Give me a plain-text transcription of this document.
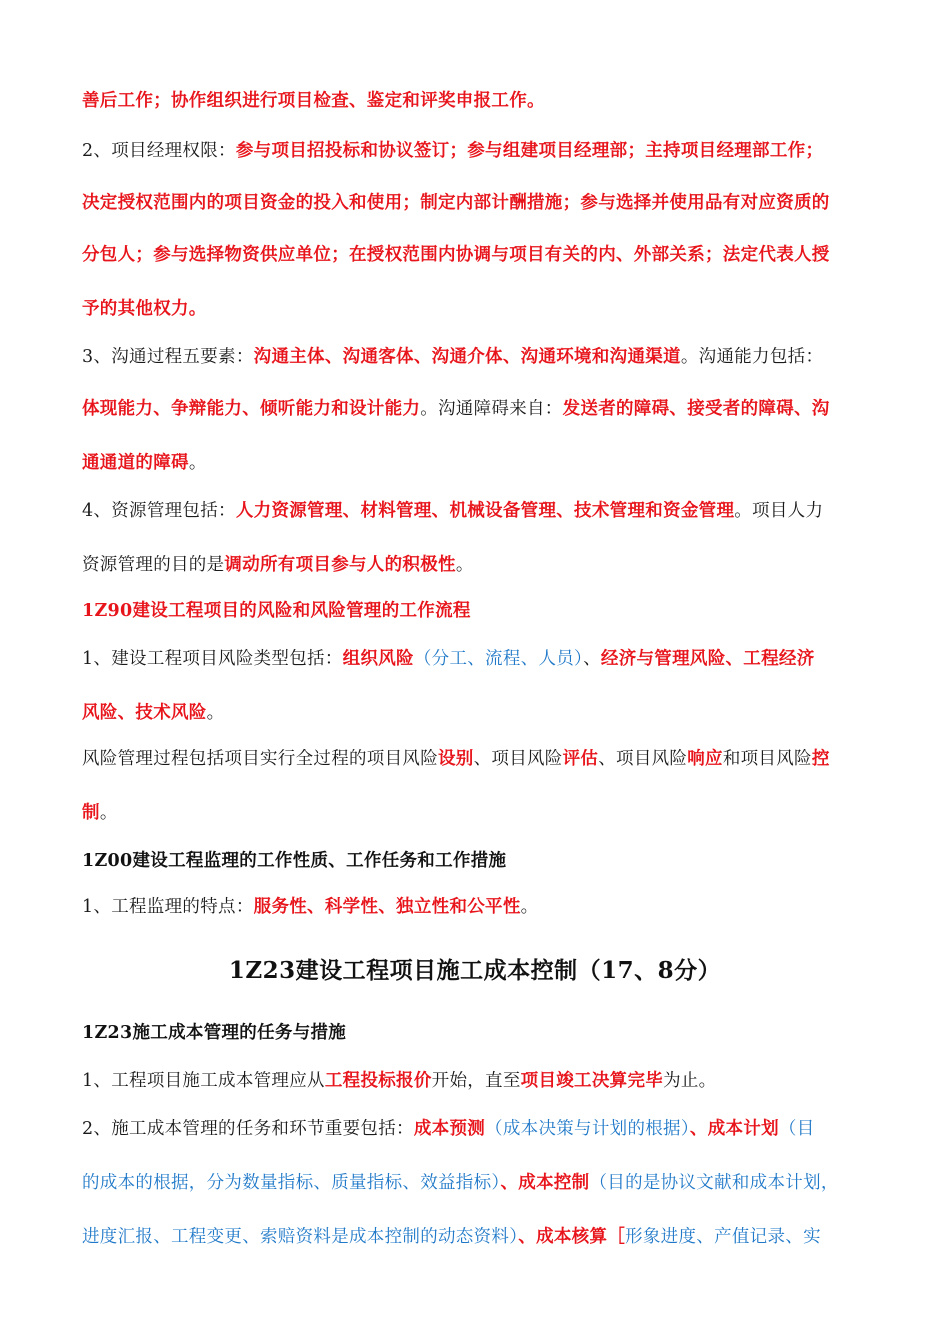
善后工作；协作组织进行项目检查、鉴定和评奖申报工作。
2、项目经理权限：参与项目招投标和协议签订；参与组建项目经理部；主持项目经理部工作；
决定授权范围内的项目资金的投入和使用；制定内部计酬措施；参与选择并使用品有对应资质的
分包人；参与选择物资供应单位；在授权范围内协调与项目有关的内、外部关系；法定代表人授
予的其他权力。
3、沟通过程五要素：沟通主体、沟通客体、沟通介体、沟通环境和沟通渠道。沟通能力包括：
体现能力、争辩能力、倾听能力和设计能力。沟通障碍来自：发送者的障碍、接受者的障碍、沟
通通道的障碍。
4、资源管理包括：人力资源管理、材料管理、机械设备管理、技术管理和资金管理。项目人力
资源管理的目的是调动所有项目参与人的积极性。
1Z90建设工程项目的风险和风险管理的工作流程
1、建设工程项目风险类型包括：组织风险（分工、流程、人员）、经济与管理风险、工程经济
风险、技术风险。
风险管理过程包括项目实行全过程的项目风险设别、项目风险评估、项目风险响应和项目风险控
制。
1Z00建设工程监理的工作性质、工作任务和工作措施
1、工程监理的特点：服务性、科学性、独立性和公平性。
1Z23施工成本管理的任务与措施
1、工程项目施工成本管理应从工程投标报价开始，直至项目竣工决算完毕为止。
2、施工成本管理的任务和环节重要包括：成本预测（成本决策与计划的根据）、成本计划（目
的成本的根据，分为数量指标、质量指标、效益指标）、成本控制（目的是协议文献和成本计划，
进度汇报、工程变更、索赔资料是成本控制的动态资料）、成本核算［形象进度、产值记录、实
1Z23建设工程项目施工成本控制（17、8分）
